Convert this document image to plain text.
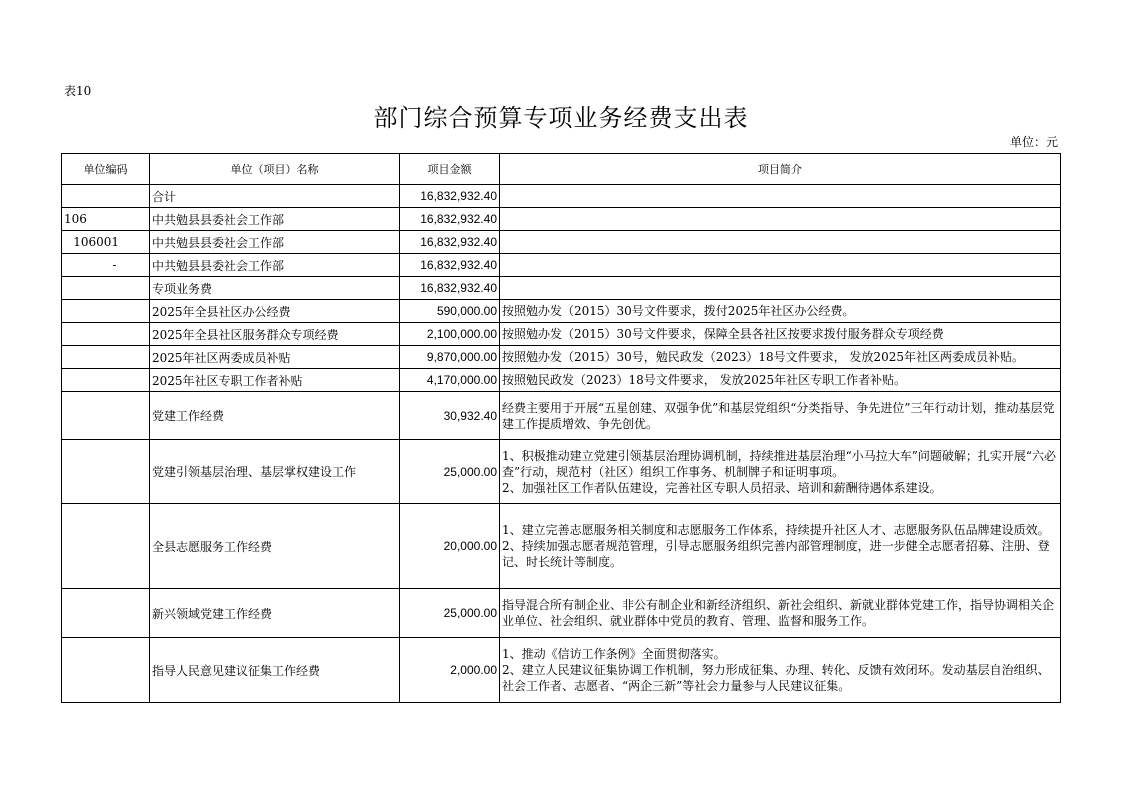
表10
部门综合预算专项业务经费支出表
单位：元
单位编码	单位（项目）名称	项目金额	项目简介
	合计	16,832,932.40	
106	中共勉县县委社会工作部	16,832,932.40	
106001	中共勉县县委社会工作部	16,832,932.40	
-	中共勉县县委社会工作部	16,832,932.40	
	专项业务费	16,832,932.40	
	2025年全县社区办公经费	590,000.00	按照勉办发（2015）30号文件要求，拨付2025年社区办公经费。
	2025年全县社区服务群众专项经费	2,100,000.00	按照勉办发（2015）30号文件要求，保障全县各社区按要求拨付服务群众专项经费
	2025年社区两委成员补贴	9,870,000.00	按照勉办发（2015）30号，勉民政发（2023）18号文件要求， 发放2025年社区两委成员补贴。
	2025年社区专职工作者补贴	4,170,000.00	按照勉民政发（2023）18号文件要求， 发放2025年社区专职工作者补贴。
	党建工作经费	30,932.40	经费主要用于开展“五星创建、双强争优”和基层党组织“分类指导、争先进位”三年行动计划，推动基层党建工作提质增效、争先创优。
	党建引领基层治理、基层掌权建设工作	25,000.00	1、积极推动建立党建引领基层治理协调机制，持续推进基层治理“小马拉大车”问题破解；扎实开展“六必查”行动，规范村（社区）组织工作事务、机制牌子和证明事项。
2、加强社区工作者队伍建设，完善社区专职人员招录、培训和薪酬待遇体系建设。
	全县志愿服务工作经费	20,000.00	1、建立完善志愿服务相关制度和志愿服务工作体系，持续提升社区人才、志愿服务队伍品牌建设质效。
2、持续加强志愿者规范管理，引导志愿服务组织完善内部管理制度，进一步健全志愿者招募、注册、登记、时长统计等制度。
	新兴领域党建工作经费	25,000.00	指导混合所有制企业、非公有制企业和新经济组织、新社会组织、新就业群体党建工作，指导协调相关企业单位、社会组织、就业群体中党员的教育、管理、监督和服务工作。
	指导人民意见建议征集工作经费	2,000.00	1、推动《信访工作条例》全面贯彻落实。
2、建立人民建议征集协调工作机制，努力形成征集、办理、转化、反馈有效闭环。发动基层自治组织、社会工作者、志愿者、“两企三新”等社会力量参与人民建议征集。
